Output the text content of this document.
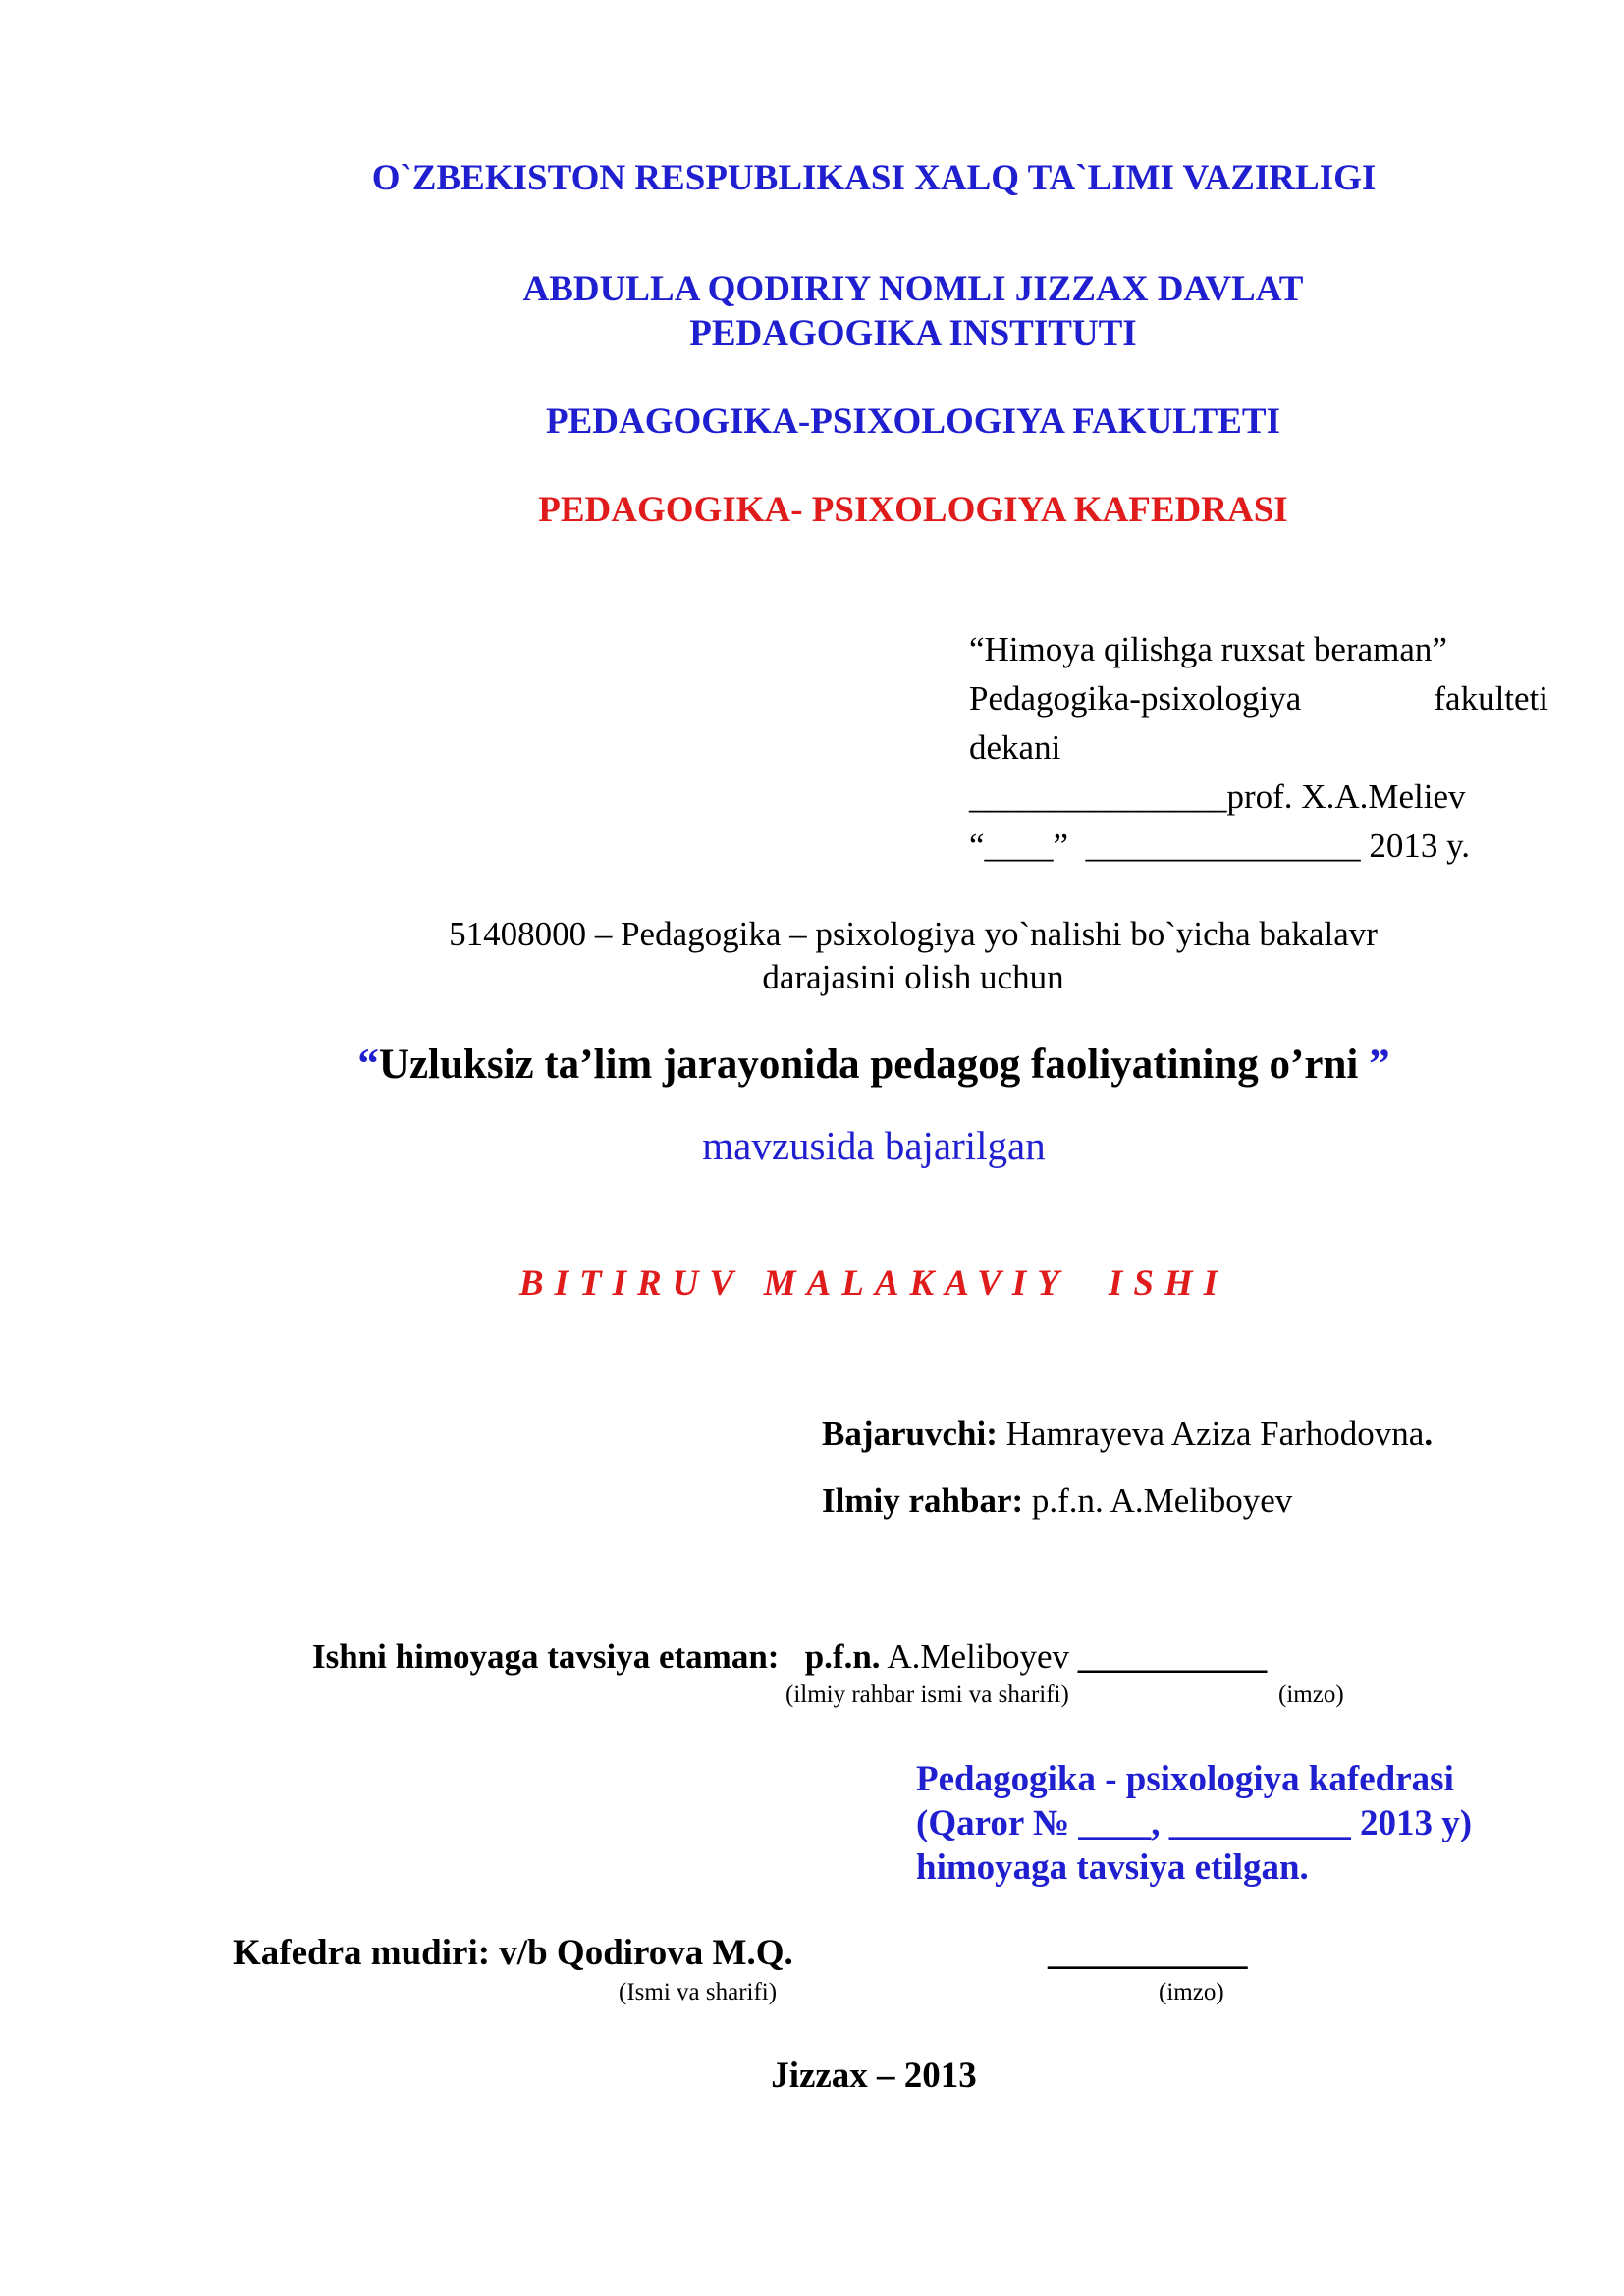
O`ZBEKISTON RESPUBLIKASI XALQ TA`LIMI VAZIRLIGI
ABDULLA QODIRIY NOMLI JIZZAX DAVLAT
PEDAGOGIKA INSTITUTI
PEDAGOGIKA-PSIXOLOGIYA FAKULTETI
PEDAGOGIKA- PSIXOLOGIYA KAFEDRASI
“Himoya qilishga ruxsat beraman”
Pedagogika-psixologiya	fakulteti
dekani
_______________prof. X.A.Meliev
“____” ________________ 2013 y.
51408000 – Pedagogika – psixologiya yo`nalishi bo`yicha bakalavr
darajasini olish uchun
“Uzluksiz ta’lim jarayonida pedagog faoliyatining o’rni ”
mavzusida bajarilgan
BITIRUV MALAKAVIY  ISHI
Bajaruvchi: Hamrayeva Aziza Farhodovna.
Ilmiy rahbar: p.f.n. A.Meliboyev
Ishni himoyaga tavsiya etaman: p.f.n. A.Meliboyev ___________
(ilmiy rahbar ismi va sharifi)	(imzo)
Pedagogika - psixologiya kafedrasi
(Qaror № ____, __________ 2013 y)
himoyaga tavsiya etilgan.
Kafedra mudiri: v/b Qodirova M.Q.	___________
(Ismi va sharifi)	(imzo)
Jizzax – 2013
